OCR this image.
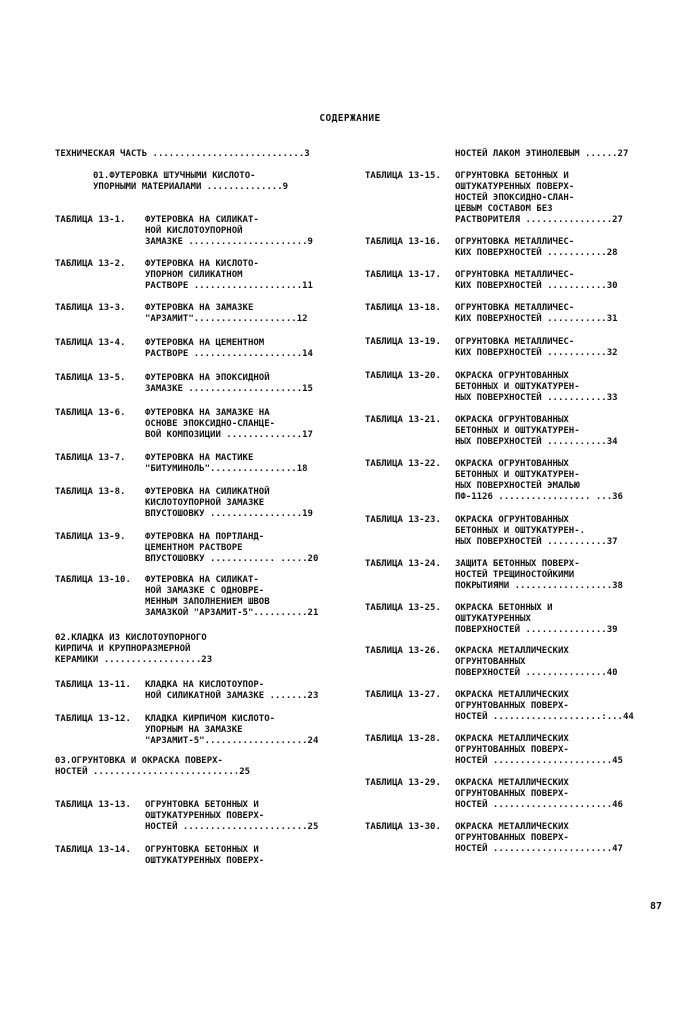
СОДЕРЖАНИЕ
ТЕХНИЧЕСКАЯ ЧАСТЬ ............................3
01.ФУТЕРОВКА ШТУЧНЫМИ КИСЛОТО-
УПОРНЫМИ МАТЕРИАЛАМИ ..............9
ТАБЛИЦА 13-1. ФУТЕРОВКА НА СИЛИКАТ-
НОЙ КИСЛОТОУПОРНОЙ
ЗАМАЗКЕ ......................9
ТАБЛИЦА 13-2. ФУТЕРОВКА НА КИСЛОТО-
УПОРНОМ СИЛИКАТНОМ
РАСТВОРЕ ....................11
ТАБЛИЦА 13-3. ФУТЕРОВКА НА ЗАМАЗКЕ
"АРЗАМИТ"...................12
ТАБЛИЦА 13-4. ФУТЕРОВКА НА ЦЕМЕНТНОМ
РАСТВОРЕ ....................14
ТАБЛИЦА 13-5. ФУТЕРОВКА НА ЭПОКСИДНОЙ
ЗАМАЗКЕ .....................15
ТАБЛИЦА 13-6. ФУТЕРОВКА НА ЗАМАЗКЕ НА
ОСНОВЕ ЭПОКСИДНО-СЛАНЦЕ-
ВОЙ КОМПОЗИЦИИ ..............17
ТАБЛИЦА 13-7. ФУТЕРОВКА НА МАСТИКЕ
"БИТУМИНОЛЬ"................18
ТАБЛИЦА 13-8. ФУТЕРОВКА НА СИЛИКАТНОЙ
КИСЛОТОУПОРНОЙ ЗАМАЗКЕ
ВПУСТОШОВКУ .................19
ТАБЛИЦА 13-9. ФУТЕРОВКА НА ПОРТЛАНД-
ЦЕМЕНТНОМ РАСТВОРЕ
ВПУСТОШОВКУ ............ .....20
ТАБЛИЦА 13-10. ФУТЕРОВКА НА СИЛИКАТ-
НОЙ ЗАМАЗКЕ С ОДНОВРЕ-
МЕННЫМ ЗАПОЛНЕНИЕМ ШВОВ
ЗАМАЗКОЙ "АРЗАМИТ-5"..........21
02.КЛАДКА ИЗ КИСЛОТОУПОРНОГО
КИРПИЧА И КРУПНОРАЗМЕРНОЙ
КЕРАМИКИ ..................23
ТАБЛИЦА 13-11. КЛАДКА НА КИСЛОТОУПОР-
НОЙ СИЛИКАТНОЙ ЗАМАЗКЕ .......23
ТАБЛИЦА 13-12. КЛАДКА КИРПИЧОМ КИСЛОТО-
УПОРНЫМ НА ЗАМАЗКЕ
"АРЗАМИТ-5"...................24
03.ОГРУНТОВКА И ОКРАСКА ПОВЕРХ-
НОСТЕЙ ...........................25
ТАБЛИЦА 13-13. ОГРУНТОВКА БЕТОННЫХ И
ОШТУКАТУРЕННЫХ ПОВЕРХ-
НОСТЕЙ .......................25
ТАБЛИЦА 13-14. ОГРУНТОВКА БЕТОННЫХ И
ОШТУКАТУРЕННЫХ ПОВЕРХ-
НОСТЕЙ ЛАКОМ ЭТИНОЛЕВЫМ ......27
ТАБЛИЦА 13-15. ОГРУНТОВКА БЕТОННЫХ И
ОШТУКАТУРЕННЫХ ПОВЕРХ-
НОСТЕЙ ЭПОКСИДНО-СЛАН-
ЦЕВЫМ СОСТАВОМ БЕЗ
РАСТВОРИТЕЛЯ ................27
ТАБЛИЦА 13-16. ОГРУНТОВКА МЕТАЛЛИЧЕС-
КИХ ПОВЕРХНОСТЕЙ ...........28
ТАБЛИЦА 13-17. ОГРУНТОВКА МЕТАЛЛИЧЕС-
КИХ ПОВЕРХНОСТЕЙ ...........30
ТАБЛИЦА 13-18. ОГРУНТОВКА МЕТАЛЛИЧЕС-
КИХ ПОВЕРХНОСТЕЙ ...........31
ТАБЛИЦА 13-19. ОГРУНТОВКА МЕТАЛЛИЧЕС-
КИХ ПОВЕРХНОСТЕЙ ...........32
ТАБЛИЦА 13-20. ОКРАСКА ОГРУНТОВАННЫХ
БЕТОННЫХ И ОШТУКАТУРЕН-
НЫХ ПОВЕРХНОСТЕЙ ...........33
ТАБЛИЦА 13-21. ОКРАСКА ОГРУНТОВАННЫХ
БЕТОННЫХ И ОШТУКАТУРЕН-
НЫХ ПОВЕРХНОСТЕЙ ...........34
ТАБЛИЦА 13-22. ОКРАСКА ОГРУНТОВАННЫХ
БЕТОННЫХ И ОШТУКАТУРЕН-
НЫХ ПОВЕРХНОСТЕЙ ЭМАЛЬЮ
ПФ-1126 ................. ...36
ТАБЛИЦА 13-23. ОКРАСКА ОГРУНТОВАННЫХ
БЕТОННЫХ И ОШТУКАТУРЕН-.
НЫХ ПОВЕРХНОСТЕЙ ...........37
ТАБЛИЦА 13-24. ЗАЩИТА БЕТОННЫХ ПОВЕРХ-
НОСТЕЙ ТРЕЩИНОСТОЙКИМИ
ПОКРЫТИЯМИ ..................38
ТАБЛИЦА 13-25. ОКРАСКА БЕТОННЫХ И
ОШТУКАТУРЕННЫХ
ПОВЕРХНОСТЕЙ ...............39
ТАБЛИЦА 13-26. ОКРАСКА МЕТАЛЛИЧЕСКИХ
ОГРУНТОВАННЫХ
ПОВЕРХНОСТЕЙ ...............40
ТАБЛИЦА 13-27. ОКРАСКА МЕТАЛЛИЧЕСКИХ
ОГРУНТОВАННЫХ ПОВЕРХ-
НОСТЕЙ ....................:...44
ТАБЛИЦА 13-28. ОКРАСКА МЕТАЛЛИЧЕСКИХ
ОГРУНТОВАННЫХ ПОВЕРХ-
НОСТЕЙ ......................45
ТАБЛИЦА 13-29. ОКРАСКА МЕТАЛЛИЧЕСКИХ
ОГРУНТОВАННЫХ ПОВЕРХ-
НОСТЕЙ ......................46
ТАБЛИЦА 13-30. ОКРАСКА МЕТАЛЛИЧЕСКИХ
ОГРУНТОВАННЫХ ПОВЕРХ-
НОСТЕЙ ......................47
87
